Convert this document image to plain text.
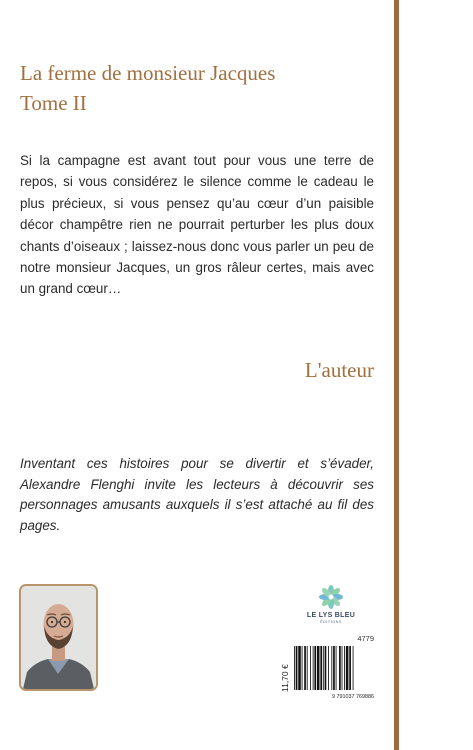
La ferme de monsieur Jacques
Tome II

Si la campagne est avant tout pour vous une terre de repos, si vous considérez le silence comme le cadeau le plus précieux, si vous pensez qu’au cœur d’un paisible décor champêtre rien ne pourrait perturber les plus doux chants d’oiseaux ; laissez-nous donc vous parler un peu de notre monsieur Jacques, un gros râleur certes, mais avec un grand cœur…

L'auteur

Inventant ces histoires pour se divertir et s’évader, Alexandre Flenghi invite les lecteurs à découvrir ses personnages amusants auxquels il s’est attaché au fil des pages.

LE LYS BLEU
ÉDITIONS
4779
11,70 €
9 791037 769886
